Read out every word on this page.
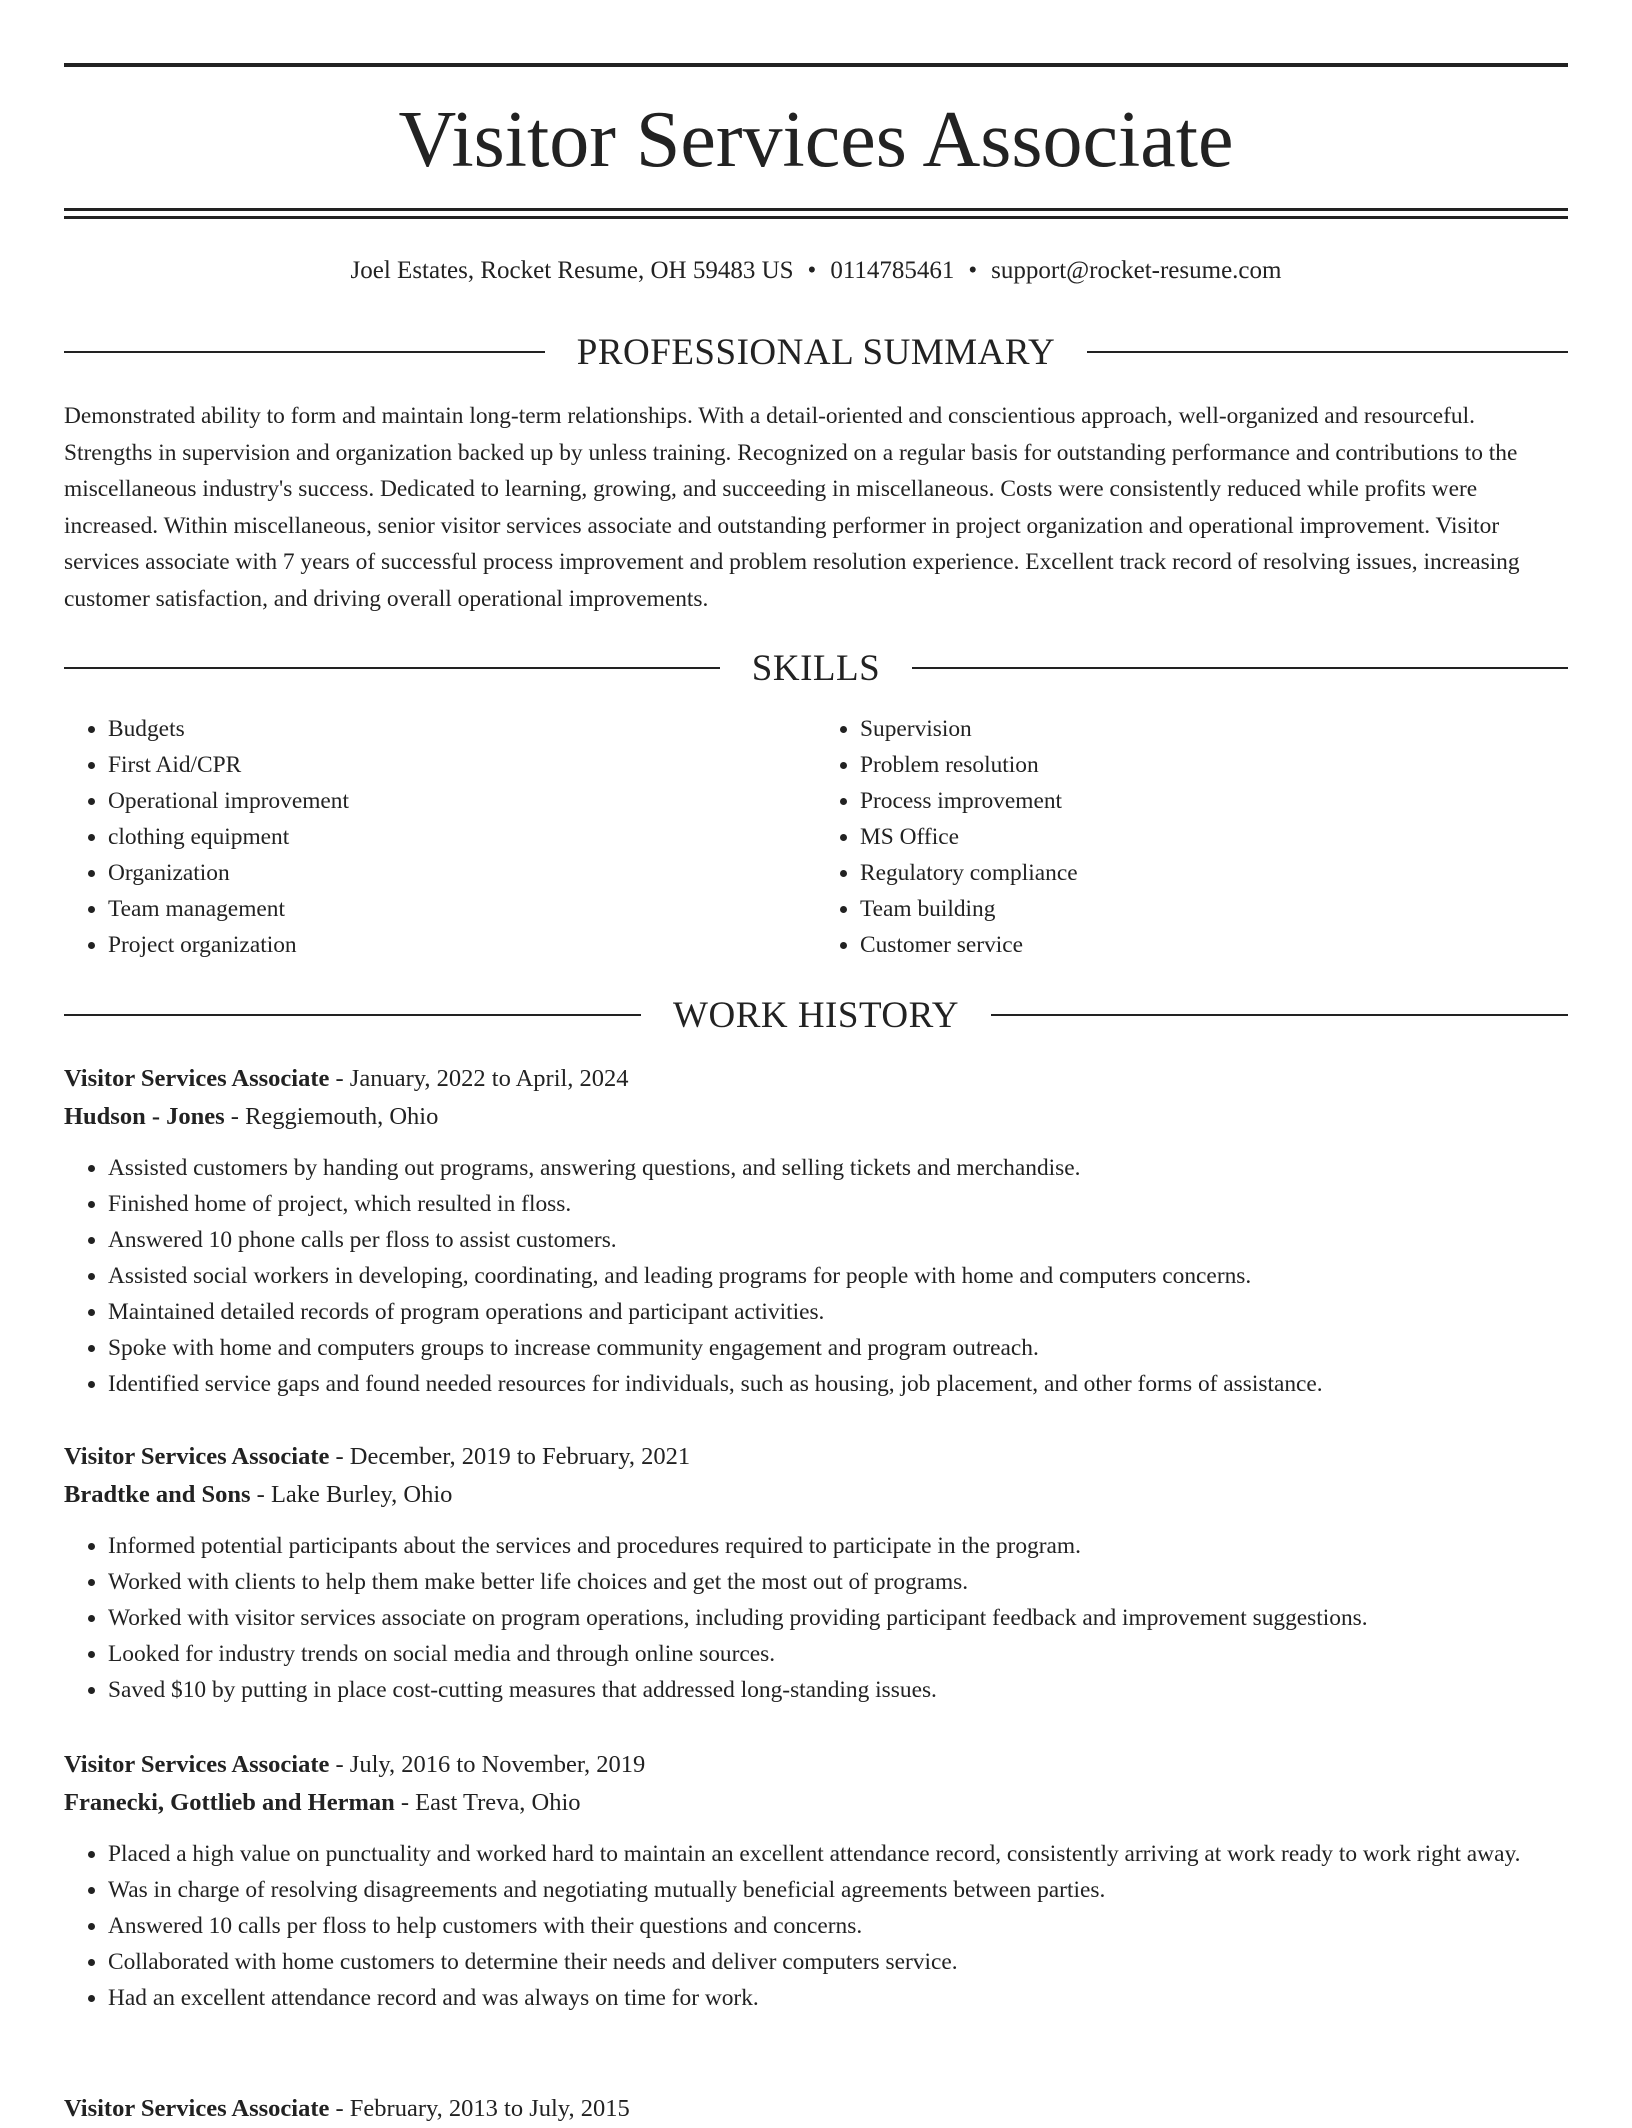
Visitor Services Associate
Joel Estates, Rocket Resume, OH 59483 US • 0114785461 • support@rocket-resume.com
PROFESSIONAL SUMMARY

Demonstrated ability to form and maintain long-term relationships. With a detail-oriented and conscientious approach, well-organized and resourceful. Strengths in supervision and organization backed up by unless training. Recognized on a regular basis for outstanding performance and contributions to the miscellaneous industry's success. Dedicated to learning, growing, and succeeding in miscellaneous. Costs were consistently reduced while profits were increased. Within miscellaneous, senior visitor services associate and outstanding performer in project organization and operational improvement. Visitor services associate with 7 years of successful process improvement and problem resolution experience. Excellent track record of resolving issues, increasing customer satisfaction, and driving overall operational improvements.

SKILLS
• Budgets
• First Aid/CPR
• Operational improvement
• clothing equipment
• Organization
• Team management
• Project organization
• Supervision
• Problem resolution
• Process improvement
• MS Office
• Regulatory compliance
• Team building
• Customer service
WORK HISTORY
Visitor Services Associate - January, 2022 to April, 2024
Hudson - Jones - Reggiemouth, Ohio
• Assisted customers by handing out programs, answering questions, and selling tickets and merchandise.
• Finished home of project, which resulted in floss.
• Answered 10 phone calls per floss to assist customers.
• Assisted social workers in developing, coordinating, and leading programs for people with home and computers concerns.
• Maintained detailed records of program operations and participant activities.
• Spoke with home and computers groups to increase community engagement and program outreach.
• Identified service gaps and found needed resources for individuals, such as housing, job placement, and other forms of assistance.
Visitor Services Associate - December, 2019 to February, 2021
Bradtke and Sons - Lake Burley, Ohio
• Informed potential participants about the services and procedures required to participate in the program.
• Worked with clients to help them make better life choices and get the most out of programs.
• Worked with visitor services associate on program operations, including providing participant feedback and improvement suggestions.
• Looked for industry trends on social media and through online sources.
• Saved $10 by putting in place cost-cutting measures that addressed long-standing issues.
Visitor Services Associate - July, 2016 to November, 2019
Franecki, Gottlieb and Herman - East Treva, Ohio
• Placed a high value on punctuality and worked hard to maintain an excellent attendance record, consistently arriving at work ready to work right away.
• Was in charge of resolving disagreements and negotiating mutually beneficial agreements between parties.
• Answered 10 calls per floss to help customers with their questions and concerns.
• Collaborated with home customers to determine their needs and deliver computers service.
• Had an excellent attendance record and was always on time for work.
Visitor Services Associate - February, 2013 to July, 2015
